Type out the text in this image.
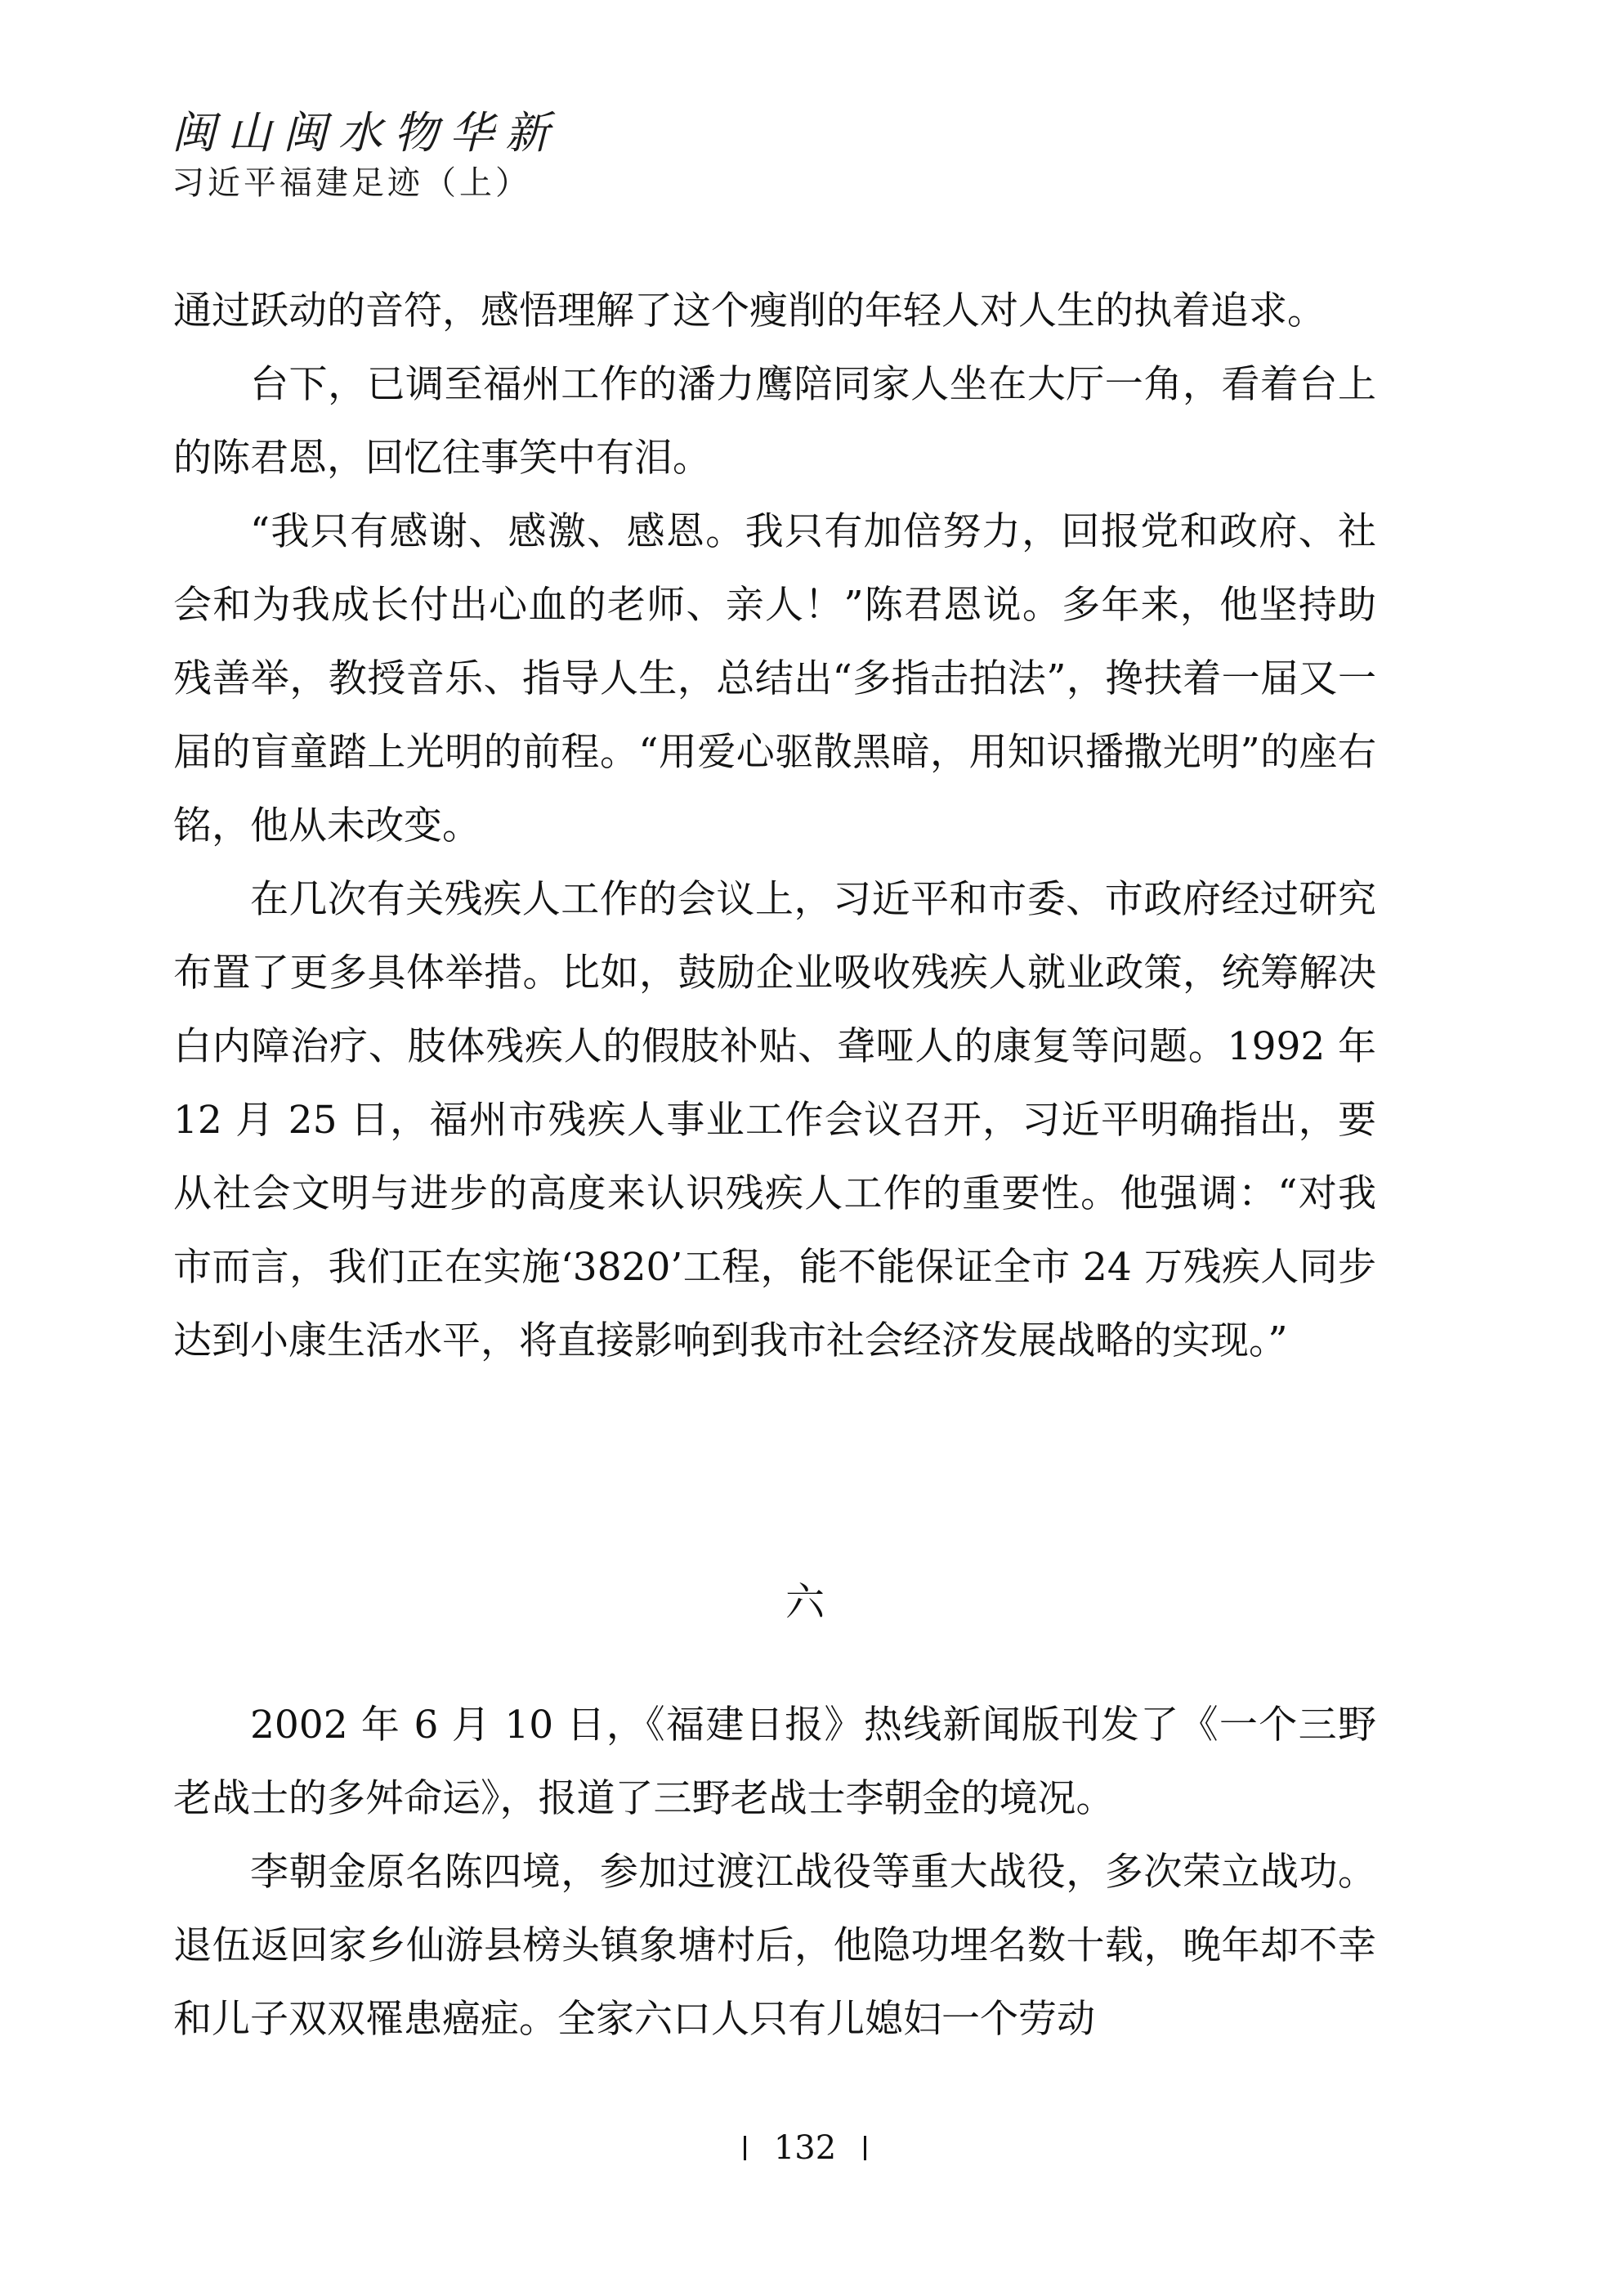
闽山闽水物华新
习近平福建足迹（上）

通过跃动的音符，感悟理解了这个瘦削的年轻人对人生的执着追求。

台下，已调至福州工作的潘力鹰陪同家人坐在大厅一角，看着台上的陈君恩，回忆往事笑中有泪。

“我只有感谢、感激、感恩。我只有加倍努力，回报党和政府、社会和为我成长付出心血的老师、亲人！”陈君恩说。多年来，他坚持助残善举，教授音乐、指导人生，总结出“多指击拍法”，搀扶着一届又一届的盲童踏上光明的前程。“用爱心驱散黑暗，用知识播撒光明”的座右铭，他从未改变。

在几次有关残疾人工作的会议上，习近平和市委、市政府经过研究布置了更多具体举措。比如，鼓励企业吸收残疾人就业政策，统筹解决白内障治疗、肢体残疾人的假肢补贴、聋哑人的康复等问题。1992 年 12 月 25 日，福州市残疾人事业工作会议召开，习近平明确指出，要从社会文明与进步的高度来认识残疾人工作的重要性。他强调：“对我市而言，我们正在实施‘3820’工程，能不能保证全市 24 万残疾人同步达到小康生活水平，将直接影响到我市社会经济发展战略的实现。”

六

2002 年 6 月 10 日，《福建日报》热线新闻版刊发了《一个三野老战士的多舛命运》，报道了三野老战士李朝金的境况。

李朝金原名陈四境，参加过渡江战役等重大战役，多次荣立战功。退伍返回家乡仙游县榜头镇象塘村后，他隐功埋名数十载，晚年却不幸和儿子双双罹患癌症。全家六口人只有儿媳妇一个劳动

132
